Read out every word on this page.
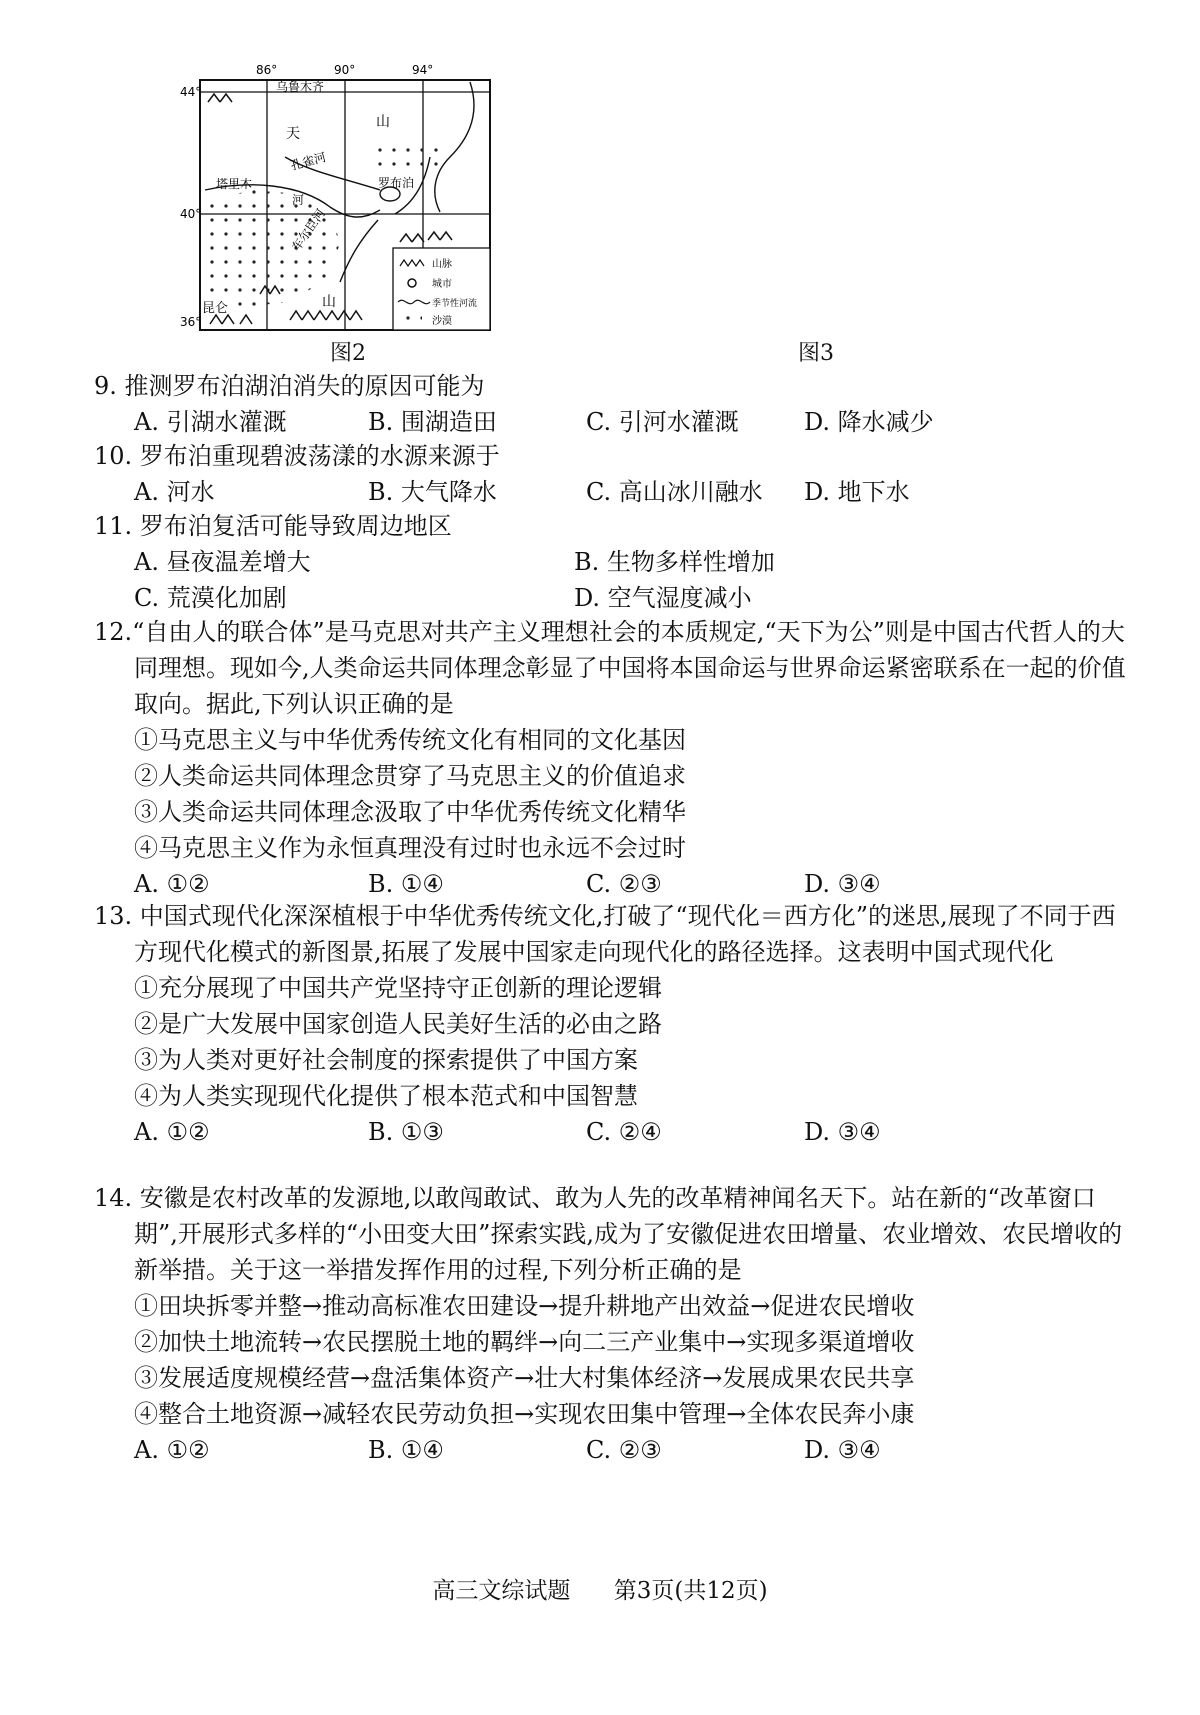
86°	90°	94°
44°
40°
36°
乌鲁木齐
天
山
孔雀河
塔里木
河
罗布泊
车尔臣河
昆仑	山
山脉
城市
季节性河流
沙漠
图2	图3

9. 推测罗布泊湖泊消失的原因可能为

A. 引湖水灌溉	B. 围湖造田	C. 引河水灌溉	D. 降水减少

10. 罗布泊重现碧波荡漾的水源来源于

A. 河水	B. 大气降水	C. 高山冰川融水	D. 地下水

11. 罗布泊复活可能导致周边地区

A. 昼夜温差增大	B. 生物多样性增加
C. 荒漠化加剧	D. 空气湿度减小

12.“自由人的联合体”是马克思对共产主义理想社会的本质规定,“天下为公”则是中国古代哲人的大同理想。现如今,人类命运共同体理念彰显了中国将本国命运与世界命运紧密联系在一起的价值取向。据此,下列认识正确的是

①马克思主义与中华优秀传统文化有相同的文化基因

②人类命运共同体理念贯穿了马克思主义的价值追求

③人类命运共同体理念汲取了中华优秀传统文化精华

④马克思主义作为永恒真理没有过时也永远不会过时

A. ①②	B. ①④	C. ②③	D. ③④

13. 中国式现代化深深植根于中华优秀传统文化,打破了“现代化＝西方化”的迷思,展现了不同于西方现代化模式的新图景,拓展了发展中国家走向现代化的路径选择。这表明中国式现代化

①充分展现了中国共产党坚持守正创新的理论逻辑

②是广大发展中国家创造人民美好生活的必由之路

③为人类对更好社会制度的探索提供了中国方案

④为人类实现现代化提供了根本范式和中国智慧

A. ①②	B. ①③	C. ②④	D. ③④

14. 安徽是农村改革的发源地,以敢闯敢试、敢为人先的改革精神闻名天下。站在新的“改革窗口期”,开展形式多样的“小田变大田”探索实践,成为了安徽促进农田增量、农业增效、农民增收的新举措。关于这一举措发挥作用的过程,下列分析正确的是

①田块拆零并整→推动高标准农田建设→提升耕地产出效益→促进农民增收

②加快土地流转→农民摆脱土地的羁绊→向二三产业集中→实现多渠道增收

③发展适度规模经营→盘活集体资产→壮大村集体经济→发展成果农民共享

④整合土地资源→减轻农民劳动负担→实现农田集中管理→全体农民奔小康

A. ①②	B. ①④	C. ②③	D. ③④
高三文综试题 第3页(共12页)
